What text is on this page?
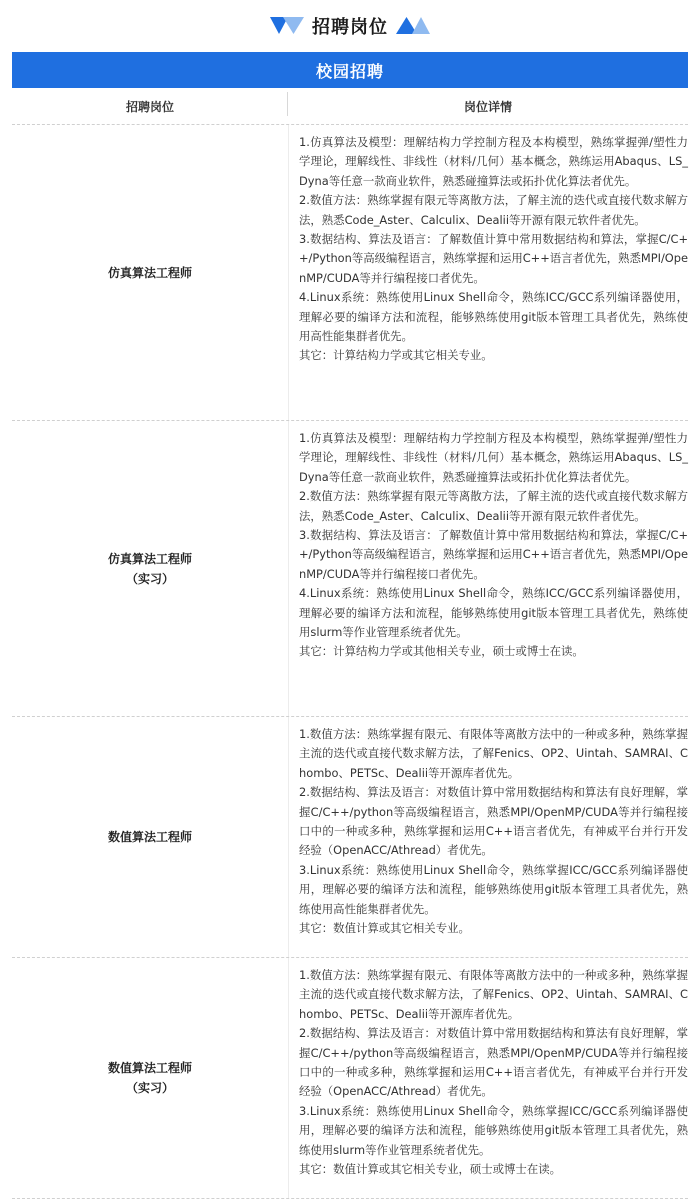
招聘岗位
校园招聘
招聘岗位	岗位详情
仿真算法工程师

1.仿真算法及模型：理解结构力学控制方程及本构模型，熟练掌握弹/塑性力学理论，理解线性、非线性（材料/几何）基本概念，熟练运用Abaqus、LS_Dyna等任意一款商业软件，熟悉碰撞算法或拓扑优化算法者优先。

2.数值方法：熟练掌握有限元等离散方法，了解主流的迭代或直接代数求解方法，熟悉Code_Aster、Calculix、Dealii等开源有限元软件者优先。

3.数据结构、算法及语言：了解数值计算中常用数据结构和算法，掌握C/C++/Python等高级编程语言，熟练掌握和运用C++语言者优先，熟悉MPI/OpenMP/CUDA等并行编程接口者优先。

4.Linux系统：熟练使用Linux Shell命令，熟练ICC/GCC系列编译器使用，理解必要的编译方法和流程，能够熟练使用git版本管理工具者优先，熟练使用高性能集群者优先。

其它：计算结构力学或其它相关专业。

仿真算法工程师
（实习）

1.仿真算法及模型：理解结构力学控制方程及本构模型，熟练掌握弹/塑性力学理论，理解线性、非线性（材料/几何）基本概念，熟练运用Abaqus、LS_Dyna等任意一款商业软件，熟悉碰撞算法或拓扑优化算法者优先。

2.数值方法：熟练掌握有限元等离散方法，了解主流的迭代或直接代数求解方法，熟悉Code_Aster、Calculix、Dealii等开源有限元软件者优先。

3.数据结构、算法及语言：了解数值计算中常用数据结构和算法，掌握C/C++/Python等高级编程语言，熟练掌握和运用C++语言者优先，熟悉MPI/OpenMP/CUDA等并行编程接口者优先。

4.Linux系统：熟练使用Linux Shell命令，熟练ICC/GCC系列编译器使用，理解必要的编译方法和流程，能够熟练使用git版本管理工具者优先，熟练使用slurm等作业管理系统者优先。

其它：计算结构力学或其他相关专业，硕士或博士在读。

数值算法工程师

1.数值方法：熟练掌握有限元、有限体等离散方法中的一种或多种，熟练掌握主流的迭代或直接代数求解方法，了解Fenics、OP2、Uintah、SAMRAI、Chombo、PETSc、Dealii等开源库者优先。

2.数据结构、算法及语言：对数值计算中常用数据结构和算法有良好理解，掌握C/C++/python等高级编程语言，熟悉MPI/OpenMP/CUDA等并行编程接口中的一种或多种，熟练掌握和运用C++语言者优先，有神威平台并行开发经验（OpenACC/Athread）者优先。

3.Linux系统：熟练使用Linux Shell命令，熟练掌握ICC/GCC系列编译器使用，理解必要的编译方法和流程，能够熟练使用git版本管理工具者优先，熟练使用高性能集群者优先。

其它：数值计算或其它相关专业。

数值算法工程师
（实习）

1.数值方法：熟练掌握有限元、有限体等离散方法中的一种或多种，熟练掌握主流的迭代或直接代数求解方法，了解Fenics、OP2、Uintah、SAMRAI、Chombo、PETSc、Dealii等开源库者优先。

2.数据结构、算法及语言：对数值计算中常用数据结构和算法有良好理解，掌握C/C++/python等高级编程语言，熟悉MPI/OpenMP/CUDA等并行编程接口中的一种或多种，熟练掌握和运用C++语言者优先，有神威平台并行开发经验（OpenACC/Athread）者优先。

3.Linux系统：熟练使用Linux Shell命令，熟练掌握ICC/GCC系列编译器使用，理解必要的编译方法和流程，能够熟练使用git版本管理工具者优先，熟练使用slurm等作业管理系统者优先。

其它：数值计算或其它相关专业，硕士或博士在读。
